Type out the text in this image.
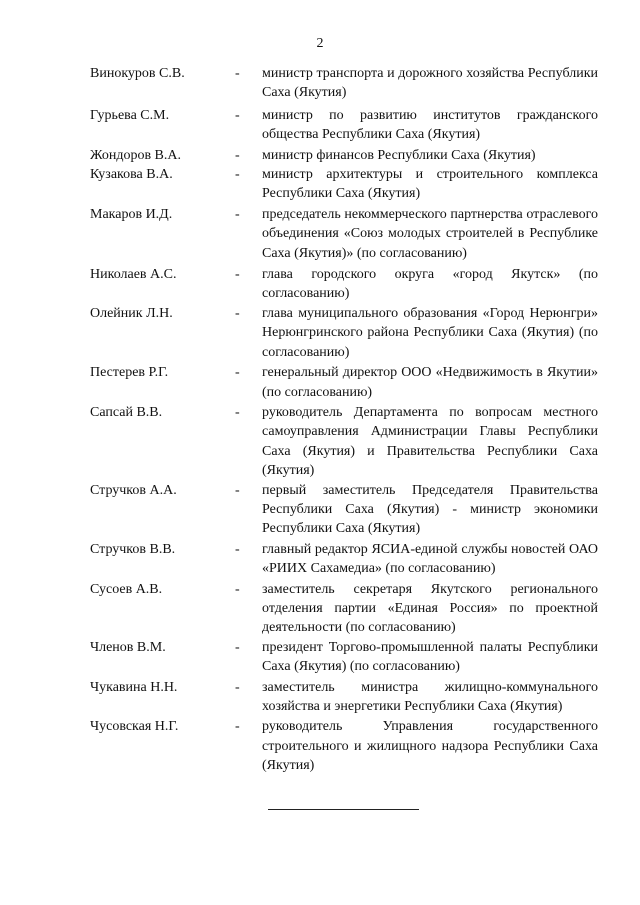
2
Винокуров С.В.	-	министр транспорта и дорожного хозяйства Республики Саха (Якутия)
Гурьева С.М.	-	министр по развитию институтов гражданского общества Республики Саха (Якутия)
Жондоров В.А.	-	министр финансов Республики Саха (Якутия)
Кузакова В.А.	-	министр архитектуры и строительного комплекса Республики Саха (Якутия)
Макаров И.Д.	-	председатель некоммерческого партнерства отраслевого объединения «Союз молодых строителей в Республике Саха (Якутия)» (по согласованию)
Николаев А.С.	-	глава городского округа «город Якутск» (по согласованию)
Олейник Л.Н.	-	глава муниципального образования «Город Нерюнгри» Нерюнгринского района Республики Саха (Якутия) (по согласованию)
Пестерев Р.Г.	-	генеральный директор ООО «Недвижимость в Якутии» (по согласованию)
Сапсай В.В.	-	руководитель Департамента по вопросам местного самоуправления Администрации Главы Республики Саха (Якутия) и Правительства Республики Саха (Якутия)
Стручков А.А.	-	первый заместитель Председателя Правительства Республики Саха (Якутия) - министр экономики Республики Саха (Якутия)
Стручков В.В.	-	главный редактор ЯСИА-единой службы новостей ОАО «РИИХ Сахамедиа» (по согласованию)
Сусоев А.В.	-	заместитель секретаря Якутского регионального отделения партии «Единая Россия» по проектной деятельности (по согласованию)
Членов В.М.	-	президент Торгово-промышленной палаты Республики Саха (Якутия) (по согласованию)
Чукавина Н.Н.	-	заместитель министра жилищно-коммунального хозяйства и энергетики Республики Саха (Якутия)
Чусовская Н.Г.	-	руководитель Управления государственного строительного и жилищного надзора Республики Саха (Якутия)
